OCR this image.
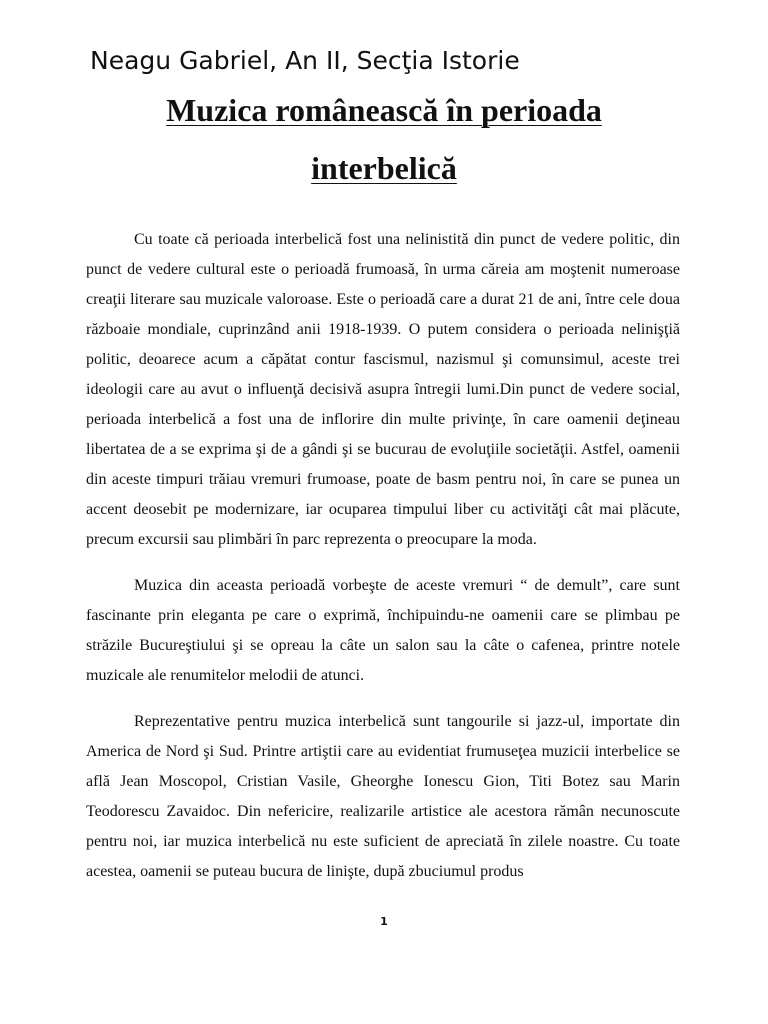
Neagu Gabriel, An II, Secţia Istorie

Muzica românească în perioada
interbelică

Cu toate că perioada interbelică fost una nelinistită din punct de vedere politic, din punct de vedere cultural este o perioadă frumoasă, în urma căreia am moştenit numeroase creaţii literare sau muzicale valoroase. Este o perioadă care a durat 21 de ani, între cele doua războaie mondiale, cuprinzând anii 1918-1939. O putem considera o perioada nelinişţiă politic, deoarece acum a căpătat contur fascismul, nazismul şi comunsimul, aceste trei ideologii care au avut o influenţă decisivă asupra întregii lumi.Din punct de vedere social, perioada interbelică a fost una de inflorire din multe privinţe, în care oamenii deţineau libertatea de a se exprima şi de a gândi şi se bucurau de evoluţiile societăţii. Astfel, oamenii din aceste timpuri trăiau vremuri frumoase, poate de basm pentru noi, în care se punea un accent deosebit pe modernizare, iar ocuparea timpului liber cu activităţi cât mai plăcute, precum excursii sau plimbări în parc reprezenta o preocupare la moda.

Muzica din aceasta perioadă vorbeşte de aceste vremuri “ de demult”, care sunt fascinante prin eleganta pe care o exprimă, închipuindu-ne oamenii care se plimbau pe străzile Bucureştiului şi se opreau la câte un salon sau la câte o cafenea, printre notele muzicale ale renumitelor melodii de atunci.

Reprezentative pentru muzica interbelică sunt tangourile si jazz-ul, importate din America de Nord şi Sud. Printre artiştii care au evidentiat frumuseţea muzicii interbelice se află Jean Moscopol, Cristian Vasile, Gheorghe Ionescu Gion, Titi Botez sau Marin Teodorescu Zavaidoc. Din nefericire, realizarile artistice ale acestora rămân necunoscute pentru noi, iar muzica interbelică nu este suficient de apreciată în zilele noastre. Cu toate acestea, oamenii se puteau bucura de linişte, după zbuciumul produs

1
